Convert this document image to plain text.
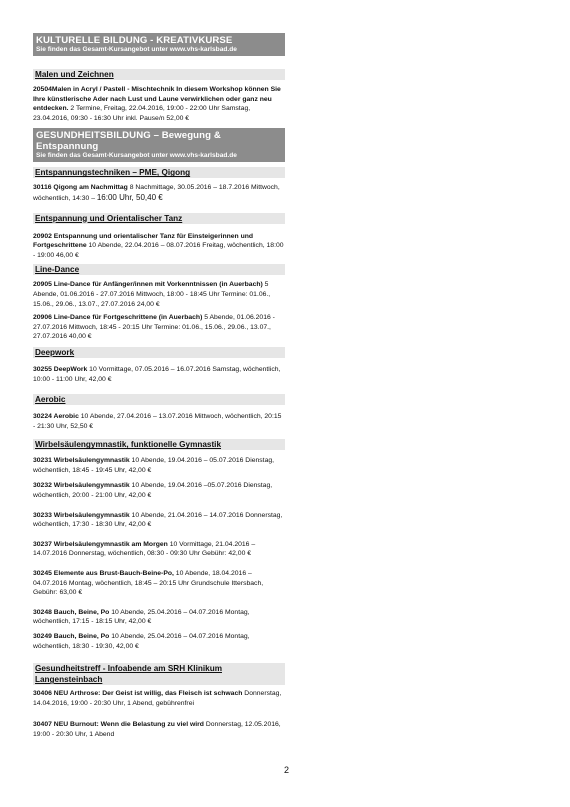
KULTURELLE BILDUNG - KREATIVKURSE
Sie finden das Gesamt-Kursangebot unter www.vhs-karlsbad.de
Malen und Zeichnen
20504Malen in Acryl / Pastell - Mischtechnik In diesem Workshop können Sie Ihre künstlerische Ader nach Lust und Laune verwirklichen oder ganz neu entdecken. 2 Termine, Freitag, 22.04.2016, 19:00 - 22:00 Uhr Samstag, 23.04.2016, 09:30 - 16:30 Uhr inkl. Pause/n 52,00 €
GESUNDHEITSBILDUNG – Bewegung & Entspannung
Sie finden das Gesamt-Kursangebot unter www.vhs-karlsbad.de
Entspannungstechniken – PME, Qigong
30116 Qigong am Nachmittag 8 Nachmittage, 30.05.2016 – 18.7.2016 Mittwoch, wöchentlich, 14:30 – 16:00 Uhr, 50,40 €
Entspannung und Orientalischer Tanz
20902 Entspannung und orientalischer Tanz für Einsteigerinnen und Fortgeschrittene 10 Abende, 22.04.2016 – 08.07.2016 Freitag, wöchentlich, 18:00 - 19:00 46,00 €
Line-Dance
20905 Line-Dance für Anfänger/innen mit Vorkenntnissen (in Auerbach) 5 Abende, 01.06.2016 - 27.07.2016 Mittwoch, 18:00 - 18:45 Uhr Termine: 01.06., 15.06., 29.06., 13.07., 27.07.2016 24,00 €
20906 Line-Dance für Fortgeschrittene (in Auerbach) 5 Abende, 01.06.2016 - 27.07.2016 Mittwoch, 18:45 - 20:15 Uhr Termine: 01.06., 15.06., 29.06., 13.07., 27.07.2016 40,00 €
Deepwork
30255 DeepWork 10 Vormittage, 07.05.2016 – 16.07.2016 Samstag, wöchentlich, 10:00 - 11:00 Uhr, 42,00 €
Aerobic
30224 Aerobic 10 Abende, 27.04.2016 – 13.07.2016 Mittwoch, wöchentlich, 20:15 - 21:30 Uhr, 52,50 €
Wirbelsäulengymnastik, funktionelle Gymnastik
30231 Wirbelsäulengymnastik 10 Abende, 19.04.2016 – 05.07.2016 Dienstag, wöchentlich, 18:45 - 19:45 Uhr, 42,00 €
30232 Wirbelsäulengymnastik 10 Abende, 19.04.2016 –05.07.2016 Dienstag, wöchentlich, 20:00 - 21:00 Uhr, 42,00 €
30233 Wirbelsäulengymnastik 10 Abende, 21.04.2016 – 14.07.2016 Donnerstag, wöchentlich, 17:30 - 18:30 Uhr, 42,00 €
30237 Wirbelsäulengymnastik am Morgen 10 Vormittage, 21.04.2016 – 14.07.2016 Donnerstag, wöchentlich, 08:30 - 09:30 Uhr Gebühr: 42,00 €
30245 Elemente aus Brust-Bauch-Beine-Po, 10 Abende, 18.04.2016 – 04.07.2016 Montag, wöchentlich, 18:45 – 20:15 Uhr Grundschule Ittersbach, Gebühr: 63,00 €
30248 Bauch, Beine, Po 10 Abende, 25.04.2016 – 04.07.2016 Montag, wöchentlich, 17:15 - 18:15 Uhr, 42,00 €
30249 Bauch, Beine, Po 10 Abende, 25.04.2016 – 04.07.2016 Montag, wöchentlich, 18:30 - 19:30, 42,00 €
Gesundheitstreff - Infoabende am SRH Klinikum Langensteinbach
30406 NEU Arthrose: Der Geist ist willig, das Fleisch ist schwach Donnerstag, 14.04.2016, 19:00 - 20:30 Uhr, 1 Abend, gebührenfrei
30407 NEU Burnout: Wenn die Belastung zu viel wird Donnerstag, 12.05.2016, 19:00 - 20:30 Uhr, 1 Abend
2
